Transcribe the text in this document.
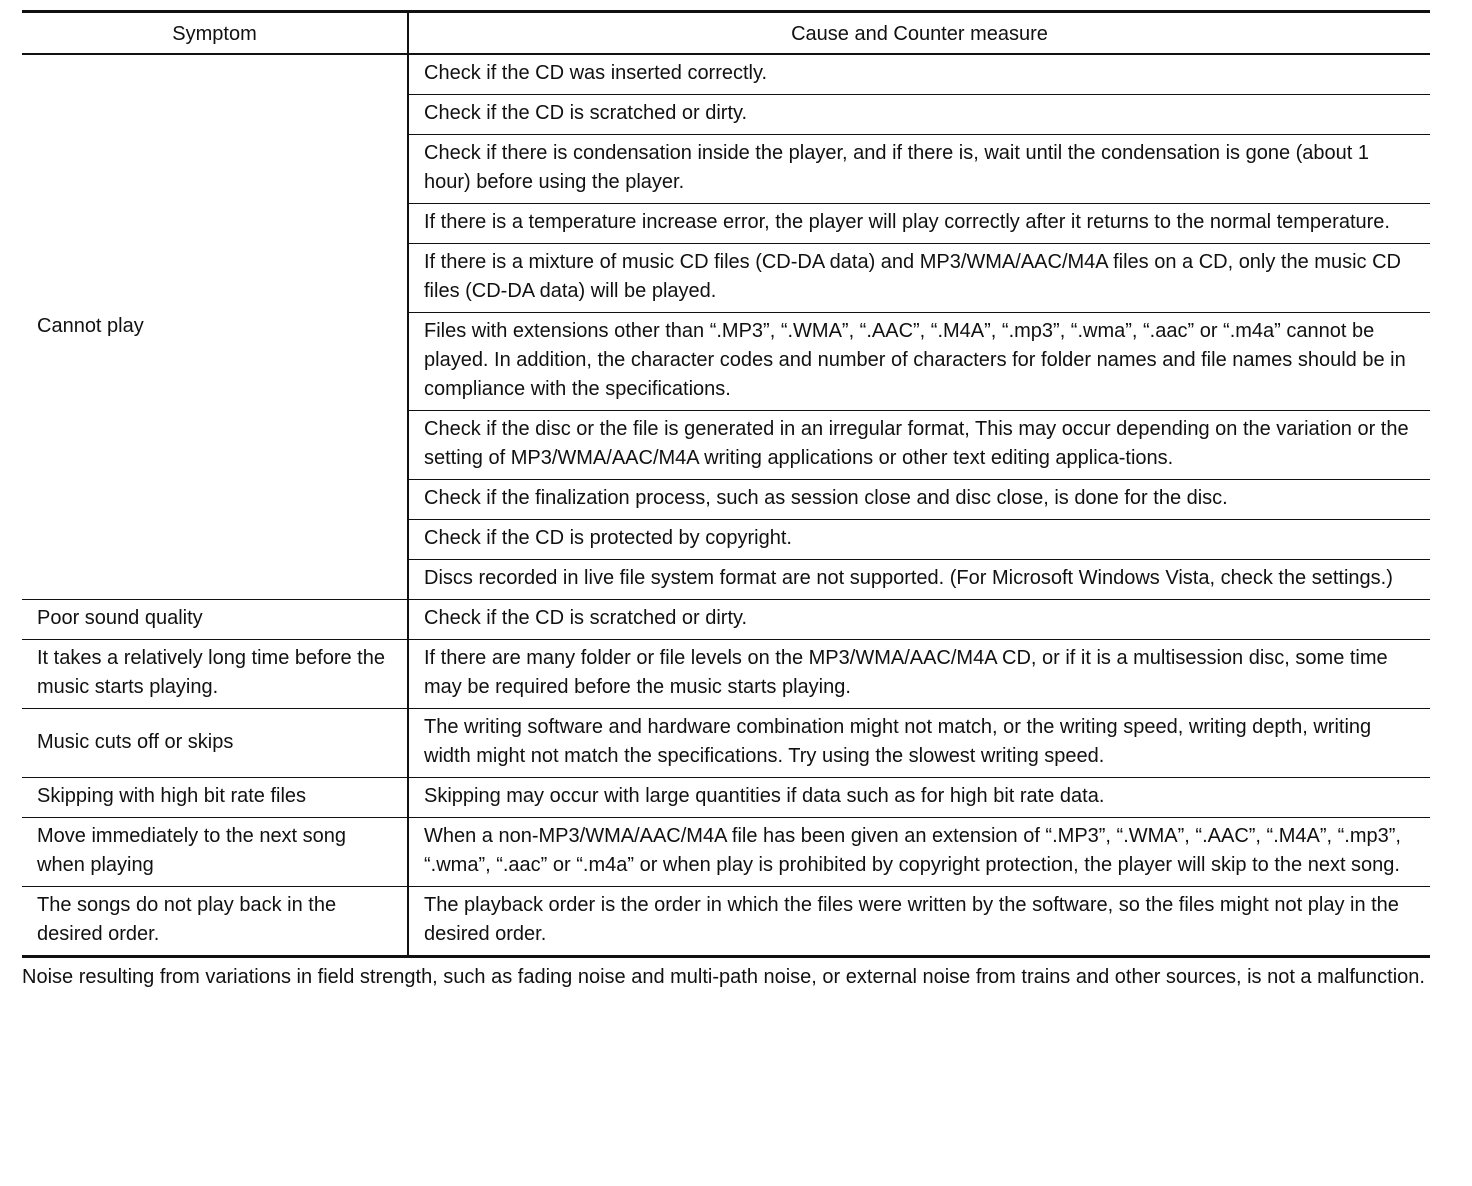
Symptom	Cause and Counter measure
Cannot play	Check if the CD was inserted correctly.
	Check if the CD is scratched or dirty.
	Check if there is condensation inside the player, and if there is, wait until the condensation is gone (about 1 hour) before using the player.
	If there is a temperature increase error, the player will play correctly after it returns to the normal temperature.
	If there is a mixture of music CD files (CD-DA data) and MP3/WMA/AAC/M4A files on a CD, only the music CD files (CD-DA data) will be played.
	Files with extensions other than “.MP3”, “.WMA”, “.AAC”, “.M4A”, “.mp3”, “.wma”, “.aac” or “.m4a” cannot be played. In addition, the character codes and number of characters for folder names and file names should be in compliance with the specifications.
	Check if the disc or the file is generated in an irregular format, This may occur depending on the variation or the setting of MP3/WMA/AAC/M4A writing applications or other text editing applica-tions.
	Check if the finalization process, such as session close and disc close, is done for the disc.
	Check if the CD is protected by copyright.
	Discs recorded in live file system format are not supported. (For Microsoft Windows Vista, check the settings.)
Poor sound quality	Check if the CD is scratched or dirty.
It takes a relatively long time before the music starts playing.	If there are many folder or file levels on the MP3/WMA/AAC/M4A CD, or if it is a multisession disc, some time may be required before the music starts playing.
Music cuts off or skips	The writing software and hardware combination might not match, or the writing speed, writing depth, writing width might not match the specifications. Try using the slowest writing speed.
Skipping with high bit rate files	Skipping may occur with large quantities if data such as for high bit rate data.
Move immediately to the next song when playing	When a non-MP3/WMA/AAC/M4A file has been given an extension of “.MP3”, “.WMA”, “.AAC”, “.M4A”, “.mp3”, “.wma”, “.aac” or “.m4a” or when play is prohibited by copyright protection, the player will skip to the next song.
The songs do not play back in the desired order.	The playback order is the order in which the files were written by the software, so the files might not play in the desired order.
Noise resulting from variations in field strength, such as fading noise and multi-path noise, or external noise from trains and other sources, is not a malfunction.
